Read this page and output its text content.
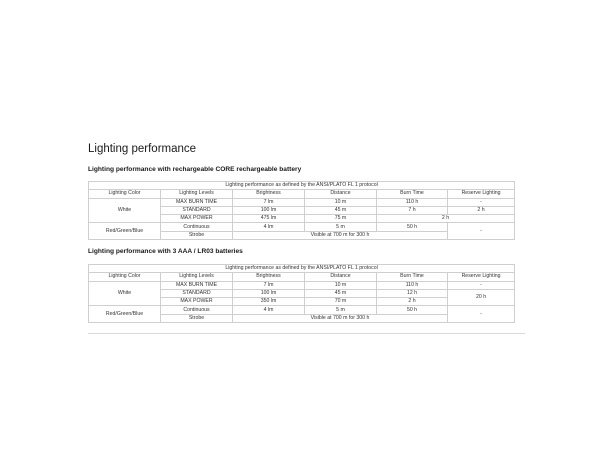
Lighting performance
Lighting performance with rechargeable CORE rechargeable battery
Lighting performance as defined by the ANSI/PLATO FL 1 protocol					
Lighting Color	Lighting Levels	Brightness	Distance	Burn Time	Reserve Lighting
White	MAX BURN TIME	7 lm	10 m	110 h	-
	STANDARD	100 lm	45 m	7 h	2 h
	MAX POWER	475 lm	75 m	2 h	
Red/Green/Blue	Continuous	4 lm	5 m	50 h	-
	Strobe	Visible at 700 m for 300 h			
Lighting performance with 3 AAA / LR03 batteries
Lighting performance as defined by the ANSI/PLATO FL 1 protocol					
Lighting Color	Lighting Levels	Brightness	Distance	Burn Time	Reserve Lighting
White	MAX BURN TIME	7 lm	10 m	110 h	-
	STANDARD	100 lm	45 m	12 h	20 h
	MAX POWER	350 lm	70 m	2 h	
Red/Green/Blue	Continuous	4 lm	5 m	50 h	-
	Strobe	Visible at 700 m for 300 h			
